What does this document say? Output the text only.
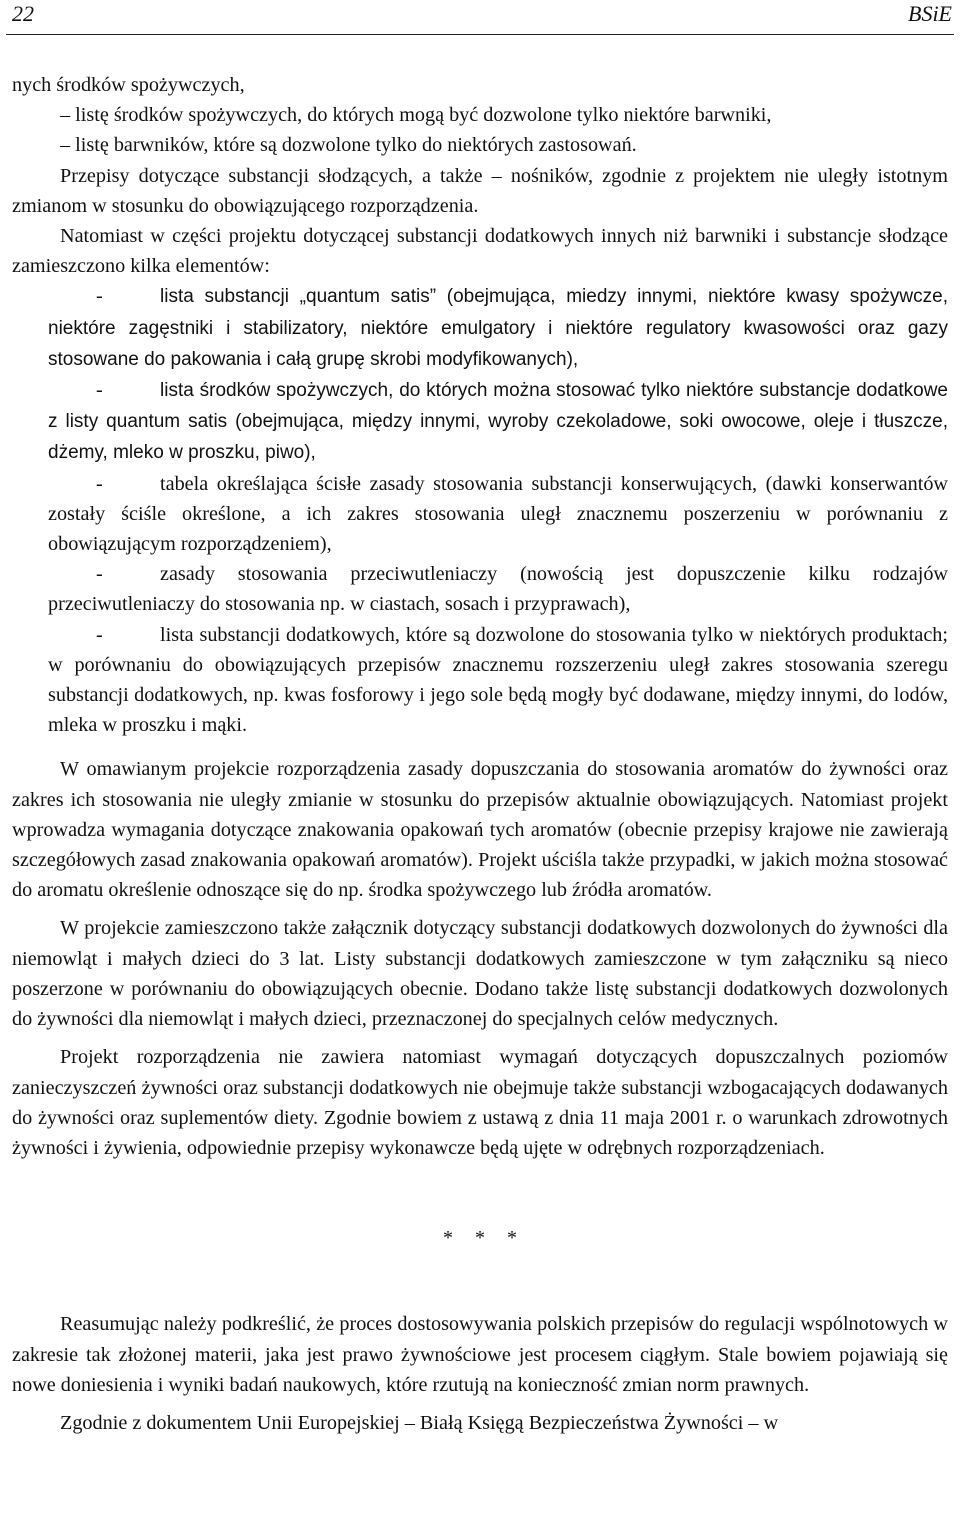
22	BSiE

nych środków spożywczych,

– listę środków spożywczych, do których mogą być dozwolone tylko niektóre barwniki,

– listę barwników, które są dozwolone tylko do niektórych zastosowań.

Przepisy dotyczące substancji słodzących, a także – nośników, zgodnie z projektem nie uległy istotnym zmianom w stosunku do obowiązującego rozporządzenia.

Natomiast w części projektu dotyczącej substancji dodatkowych innych niż barwniki i substancje słodzące zamieszczono kilka elementów:

-	lista substancji „quantum satis” (obejmująca, miedzy innymi, niektóre kwasy spożywcze, niektóre zagęstniki i stabilizatory, niektóre emulgatory i niektóre regulatory kwasowości oraz gazy stosowane do pakowania i całą grupę skrobi modyfikowanych),

-	lista środków spożywczych, do których można stosować tylko niektóre substancje dodatkowe z listy quantum satis (obejmująca, między innymi, wyroby czekoladowe, soki owocowe, oleje i tłuszcze, dżemy, mleko w proszku, piwo),

-	tabela określająca ścisłe zasady stosowania substancji konserwujących, (dawki konserwantów zostały ściśle określone, a ich zakres stosowania uległ znacznemu poszerzeniu w porównaniu z obowiązującym rozporządzeniem),

-	zasady stosowania przeciwutleniaczy (nowością jest dopuszczenie kilku rodzajów przeciwutleniaczy do stosowania np. w ciastach, sosach i przyprawach),

-	lista substancji dodatkowych, które są dozwolone do stosowania tylko w niektórych produktach; w porównaniu do obowiązujących przepisów znacznemu rozszerzeniu uległ zakres stosowania szeregu substancji dodatkowych, np. kwas fosforowy i jego sole będą mogły być dodawane, między innymi, do lodów, mleka w proszku i mąki.

W omawianym projekcie rozporządzenia zasady dopuszczania do stosowania aromatów do żywności oraz zakres ich stosowania nie uległy zmianie w stosunku do przepisów aktualnie obowiązujących. Natomiast projekt wprowadza wymagania dotyczące znakowania opakowań tych aromatów (obecnie przepisy krajowe nie zawierają szczegółowych zasad znakowania opakowań aromatów). Projekt uściśla także przypadki, w jakich można stosować do aromatu określenie odnoszące się do np. środka spożywczego lub źródła aromatów.

W projekcie zamieszczono także załącznik dotyczący substancji dodatkowych dozwolonych do żywności dla niemowląt i małych dzieci do 3 lat. Listy substancji dodatkowych zamieszczone w tym załączniku są nieco poszerzone w porównaniu do obowiązujących obecnie. Dodano także listę substancji dodatkowych dozwolonych do żywności dla niemowląt i małych dzieci, przeznaczonej do specjalnych celów medycznych.

Projekt rozporządzenia nie zawiera natomiast wymagań dotyczących dopuszczalnych poziomów zanieczyszczeń żywności oraz substancji dodatkowych nie obejmuje także substancji wzbogacających dodawanych do żywności oraz suplementów diety. Zgodnie bowiem z ustawą z dnia 11 maja 2001 r. o warunkach zdrowotnych żywności i żywienia, odpowiednie przepisy wykonawcze będą ujęte w odrębnych rozporządzeniach.

* * *

Reasumując należy podkreślić, że proces dostosowywania polskich przepisów do regulacji wspólnotowych w zakresie tak złożonej materii, jaka jest prawo żywnościowe jest procesem ciągłym. Stale bowiem pojawiają się nowe doniesienia i wyniki badań naukowych, które rzutują na konieczność zmian norm prawnych.

Zgodnie z dokumentem Unii Europejskiej – Białą Księgą Bezpieczeństwa Żywności – w
